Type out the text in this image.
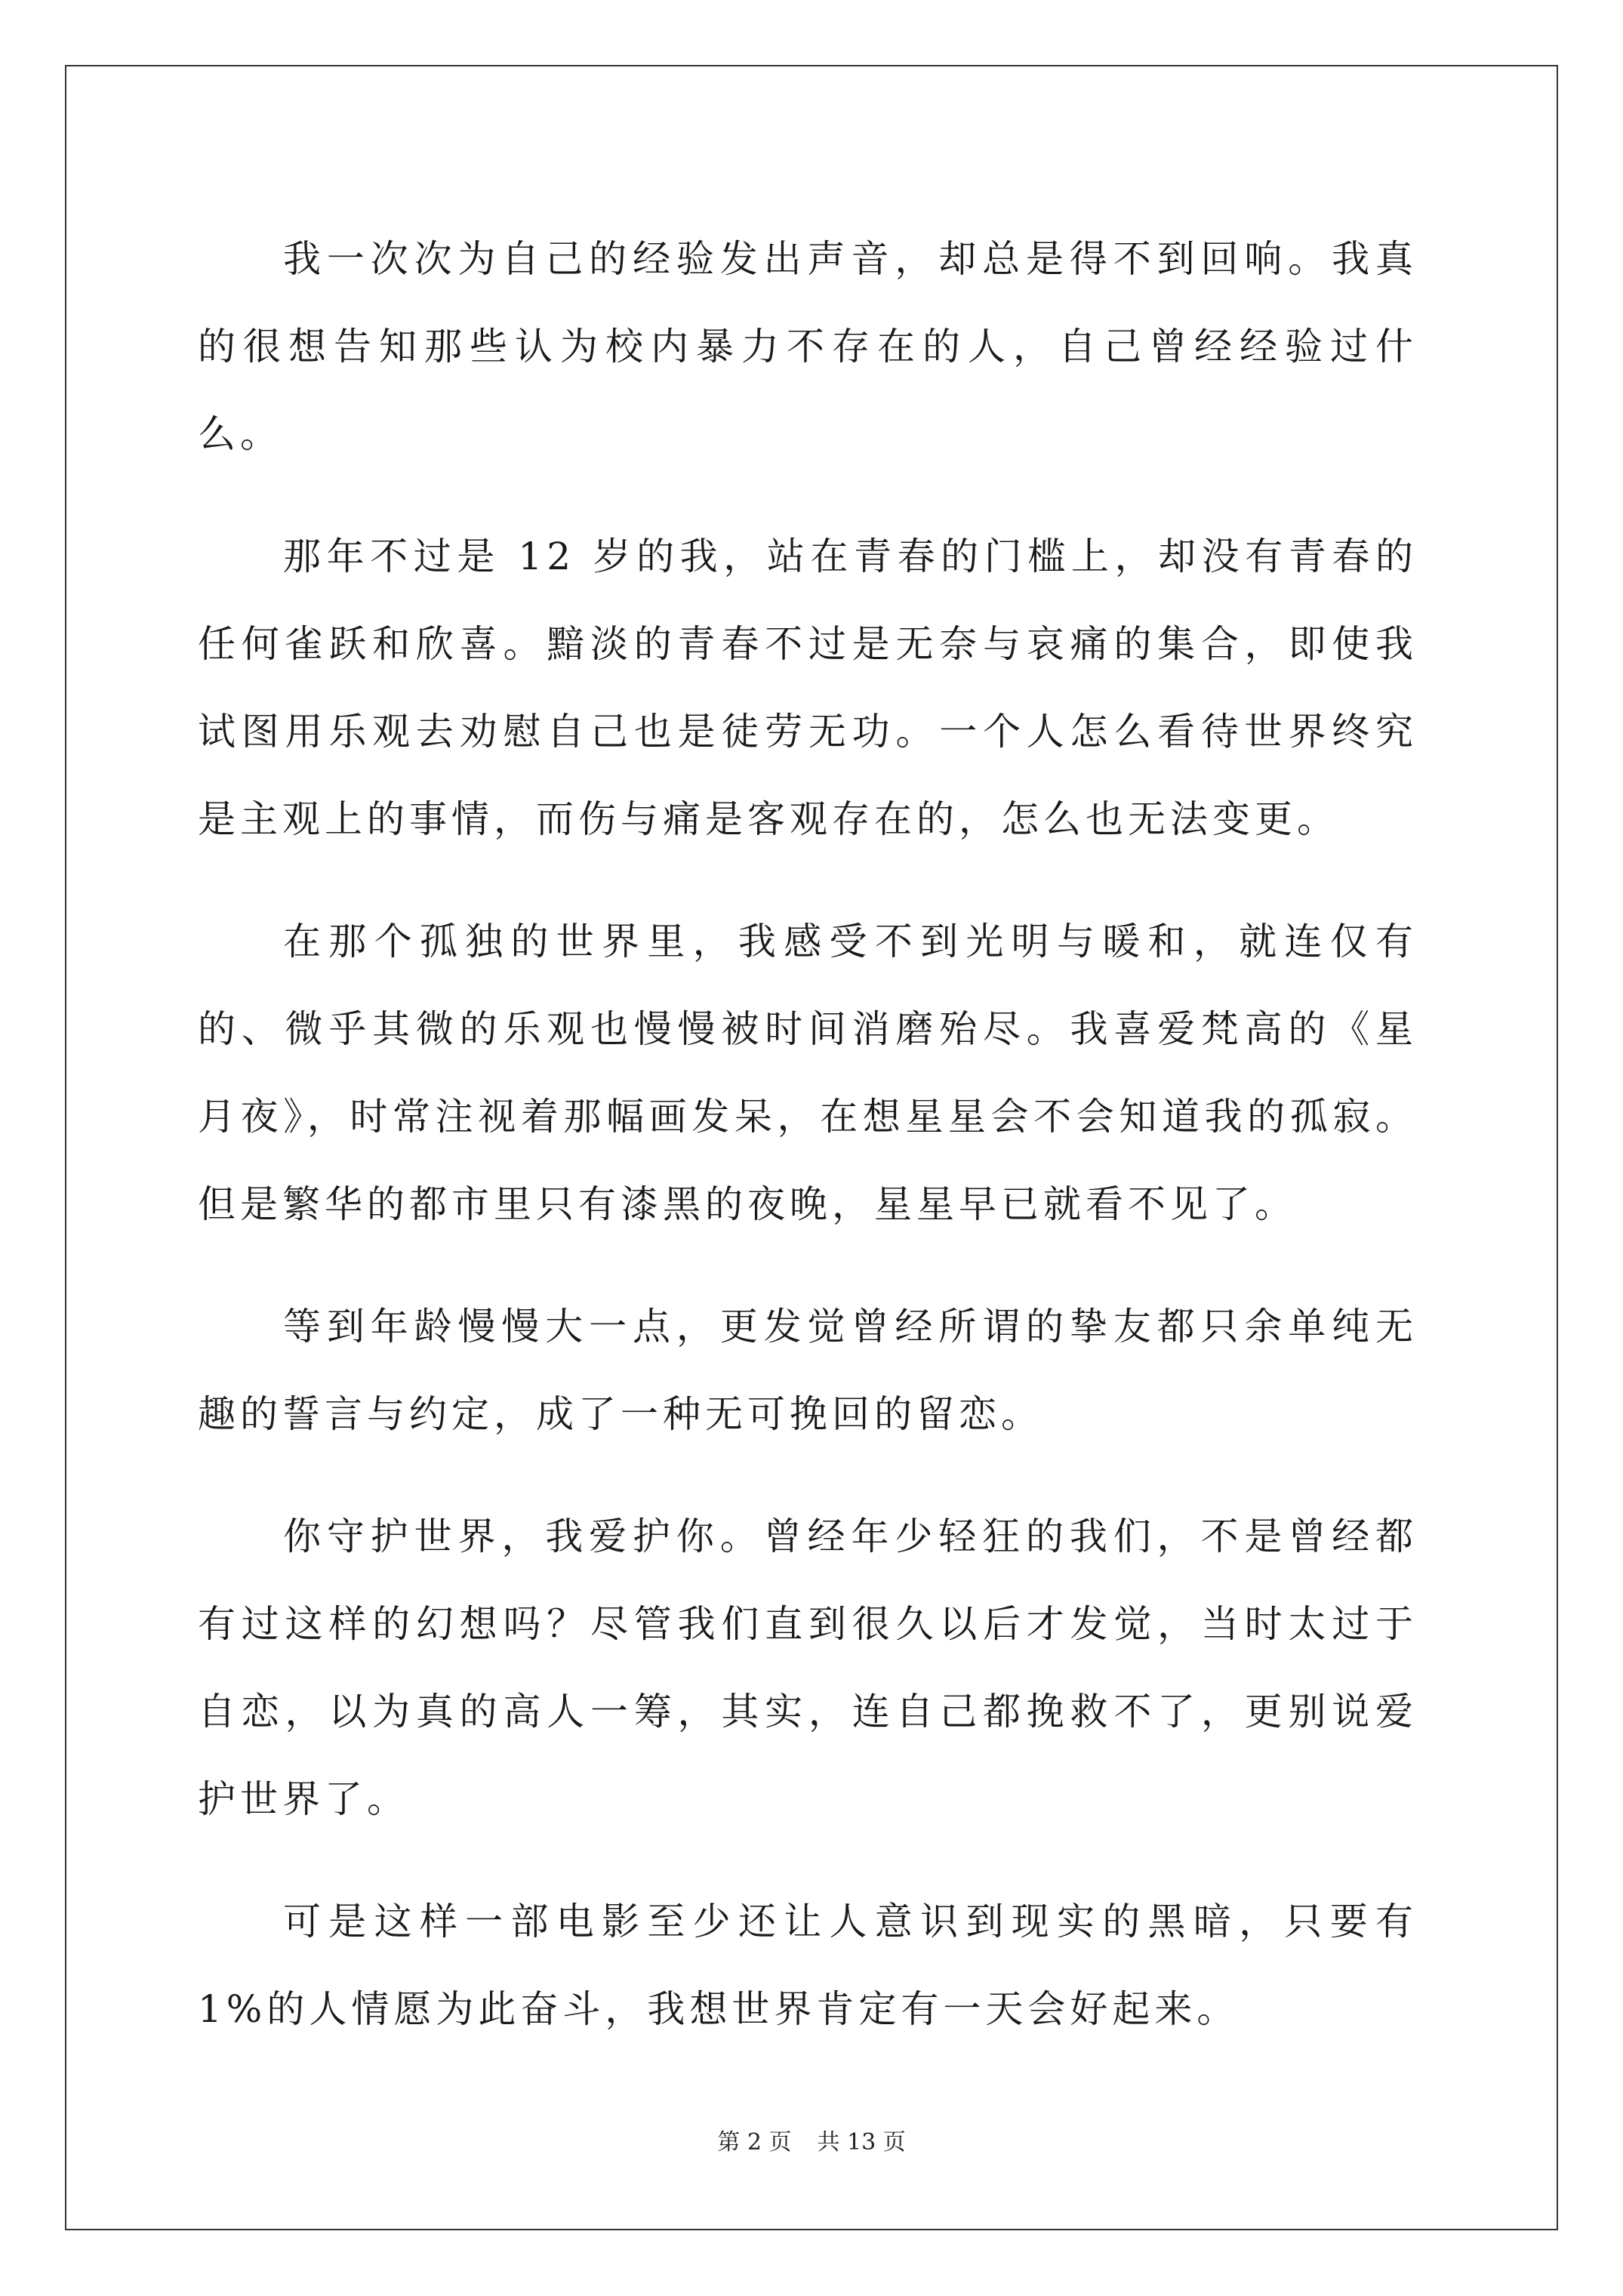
我一次次为自己的经验发出声音，却总是得不到回响。我真的很想告知那些认为校内暴力不存在的人，自己曾经经验过什么。

那年不过是 12 岁的我，站在青春的门槛上，却没有青春的任何雀跃和欣喜。黯淡的青春不过是无奈与哀痛的集合，即使我试图用乐观去劝慰自己也是徒劳无功。一个人怎么看待世界终究是主观上的事情，而伤与痛是客观存在的，怎么也无法变更。

在那个孤独的世界里，我感受不到光明与暖和，就连仅有的、微乎其微的乐观也慢慢被时间消磨殆尽。我喜爱梵高的《星月夜》，时常注视着那幅画发呆，在想星星会不会知道我的孤寂。但是繁华的都市里只有漆黑的夜晚，星星早已就看不见了。

等到年龄慢慢大一点，更发觉曾经所谓的挚友都只余单纯无趣的誓言与约定，成了一种无可挽回的留恋。

你守护世界，我爱护你。曾经年少轻狂的我们，不是曾经都有过这样的幻想吗？尽管我们直到很久以后才发觉，当时太过于自恋，以为真的高人一筹，其实，连自己都挽救不了，更别说爱护世界了。

可是这样一部电影至少还让人意识到现实的黑暗，只要有 1%的人情愿为此奋斗，我想世界肯定有一天会好起来。

第 2 页 共 13 页
